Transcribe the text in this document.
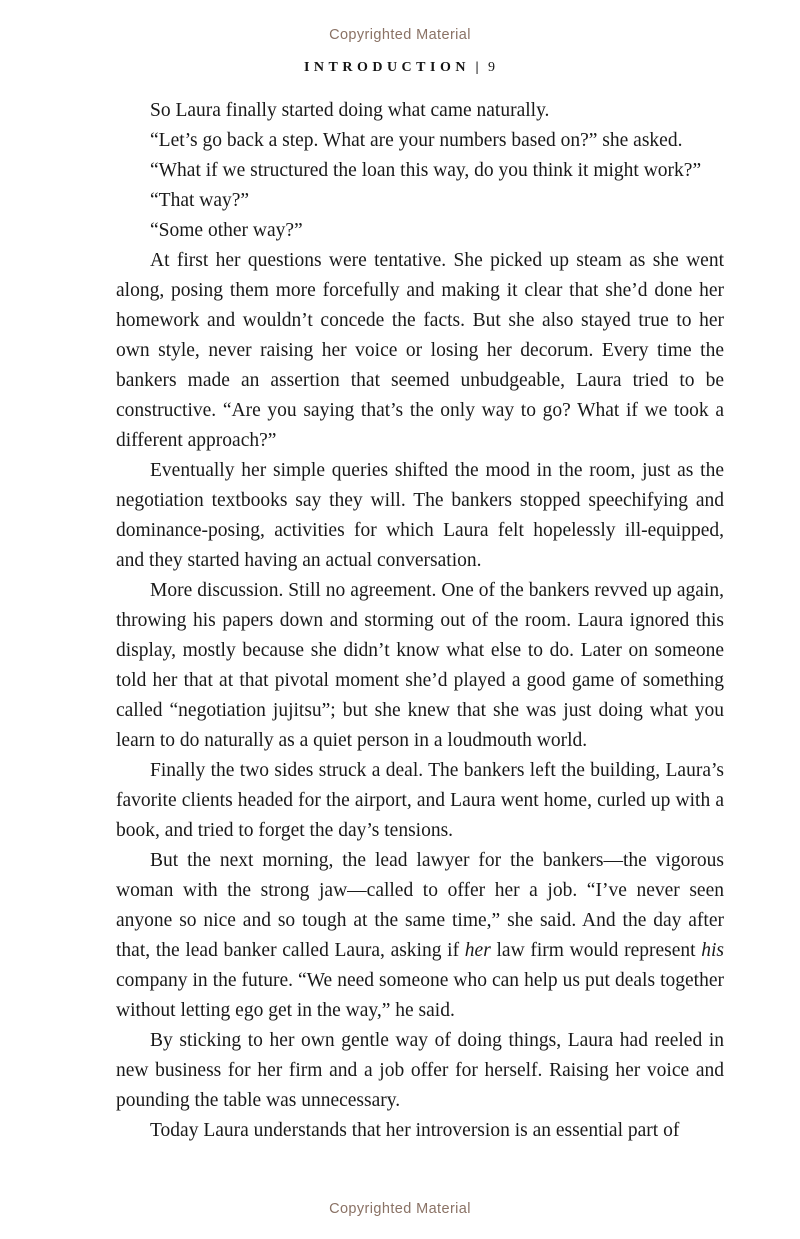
Copyrighted Material
INTRODUCTION | 9

So Laura finally started doing what came naturally.

“Let’s go back a step. What are your numbers based on?” she asked.

“What if we structured the loan this way, do you think it might work?”

“That way?”

“Some other way?”

At first her questions were tentative. She picked up steam as she went along, posing them more forcefully and making it clear that she’d done her homework and wouldn’t concede the facts. But she also stayed true to her own style, never raising her voice or losing her decorum. Every time the bankers made an assertion that seemed unbudgeable, Laura tried to be constructive. “Are you saying that’s the only way to go? What if we took a different approach?”

Eventually her simple queries shifted the mood in the room, just as the negotiation textbooks say they will. The bankers stopped speechifying and dominance-posing, activities for which Laura felt hopelessly ill-equipped, and they started having an actual conversation.

More discussion. Still no agreement. One of the bankers revved up again, throwing his papers down and storming out of the room. Laura ignored this display, mostly because she didn’t know what else to do. Later on someone told her that at that pivotal moment she’d played a good game of something called “negotiation jujitsu”; but she knew that she was just doing what you learn to do naturally as a quiet person in a loudmouth world.

Finally the two sides struck a deal. The bankers left the building, Laura’s favorite clients headed for the airport, and Laura went home, curled up with a book, and tried to forget the day’s tensions.

But the next morning, the lead lawyer for the bankers—the vigorous woman with the strong jaw—called to offer her a job. “I’ve never seen anyone so nice and so tough at the same time,” she said. And the day after that, the lead banker called Laura, asking if her law firm would represent his company in the future. “We need someone who can help us put deals together without letting ego get in the way,” he said.

By sticking to her own gentle way of doing things, Laura had reeled in new business for her firm and a job offer for herself. Raising her voice and pounding the table was unnecessary.

Today Laura understands that her introversion is an essential part of

Copyrighted Material
